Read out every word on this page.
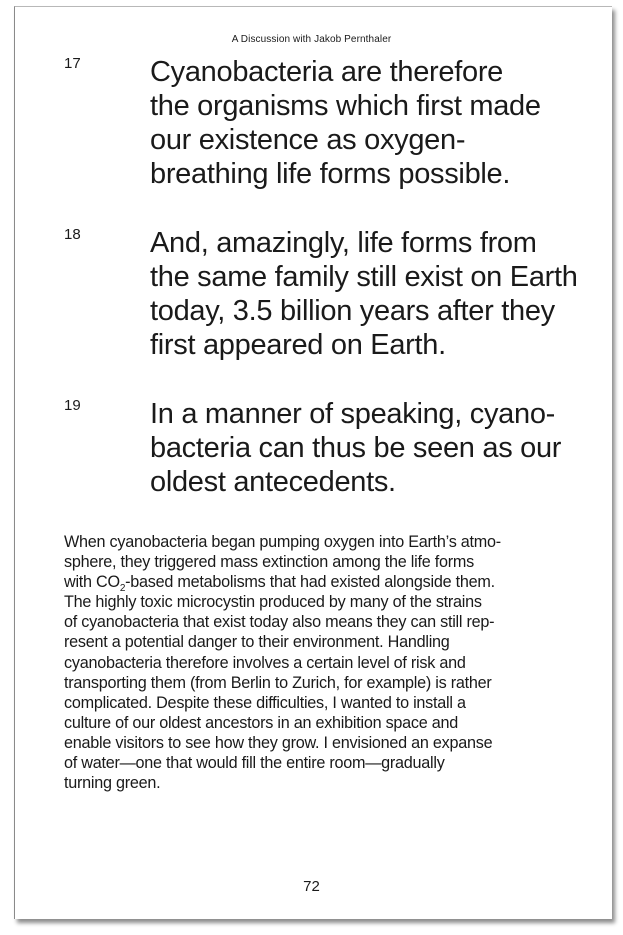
A Discussion with Jakob Pernthaler
17 Cyanobacteria are therefore
the organisms which first made
our existence as oxygen-
breathing life forms possible.

18 And, amazingly, life forms from
the same family still exist on Earth
today, 3.5 billion years after they
first appeared on Earth.

19 In a manner of speaking, cyano-
bacteria can thus be seen as our
oldest antecedents.

When cyanobacteria began pumping oxygen into Earth’s atmo-
sphere, they triggered mass extinction among the life forms
with $CO_2$-based metabolisms that had existed alongside them.
The highly toxic microcystin produced by many of the strains
of cyanobacteria that exist today also means they can still rep-
resent a potential danger to their environment. Handling
cyanobacteria therefore involves a certain level of risk and
transporting them (from Berlin to Zurich, for example) is rather
complicated. Despite these difficulties, I wanted to install a
culture of our oldest ancestors in an exhibition space and
enable visitors to see how they grow. I envisioned an expanse
of water—one that would fill the entire room—gradually
turning green.

72
